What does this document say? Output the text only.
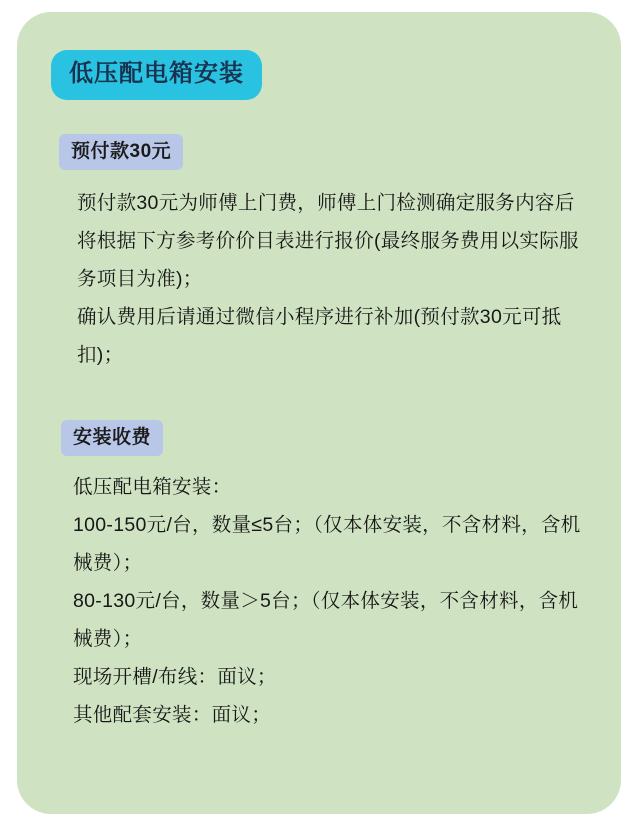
低压配电箱安装
预付款30元
预付款30元为师傅上门费，师傅上门检测确定服务内容后将根据下方参考价价目表进行报价(最终服务费用以实际服务项目为准)；
确认费用后请通过微信小程序进行补加(预付款30元可抵扣)；
安装收费
低压配电箱安装：
100-150元/台，数量≤5台；（仅本体安装，不含材料，含机械费）；
80-130元/台，数量＞5台；（仅本体安装，不含材料，含机械费）；
现场开槽/布线：面议；
其他配套安装：面议；
